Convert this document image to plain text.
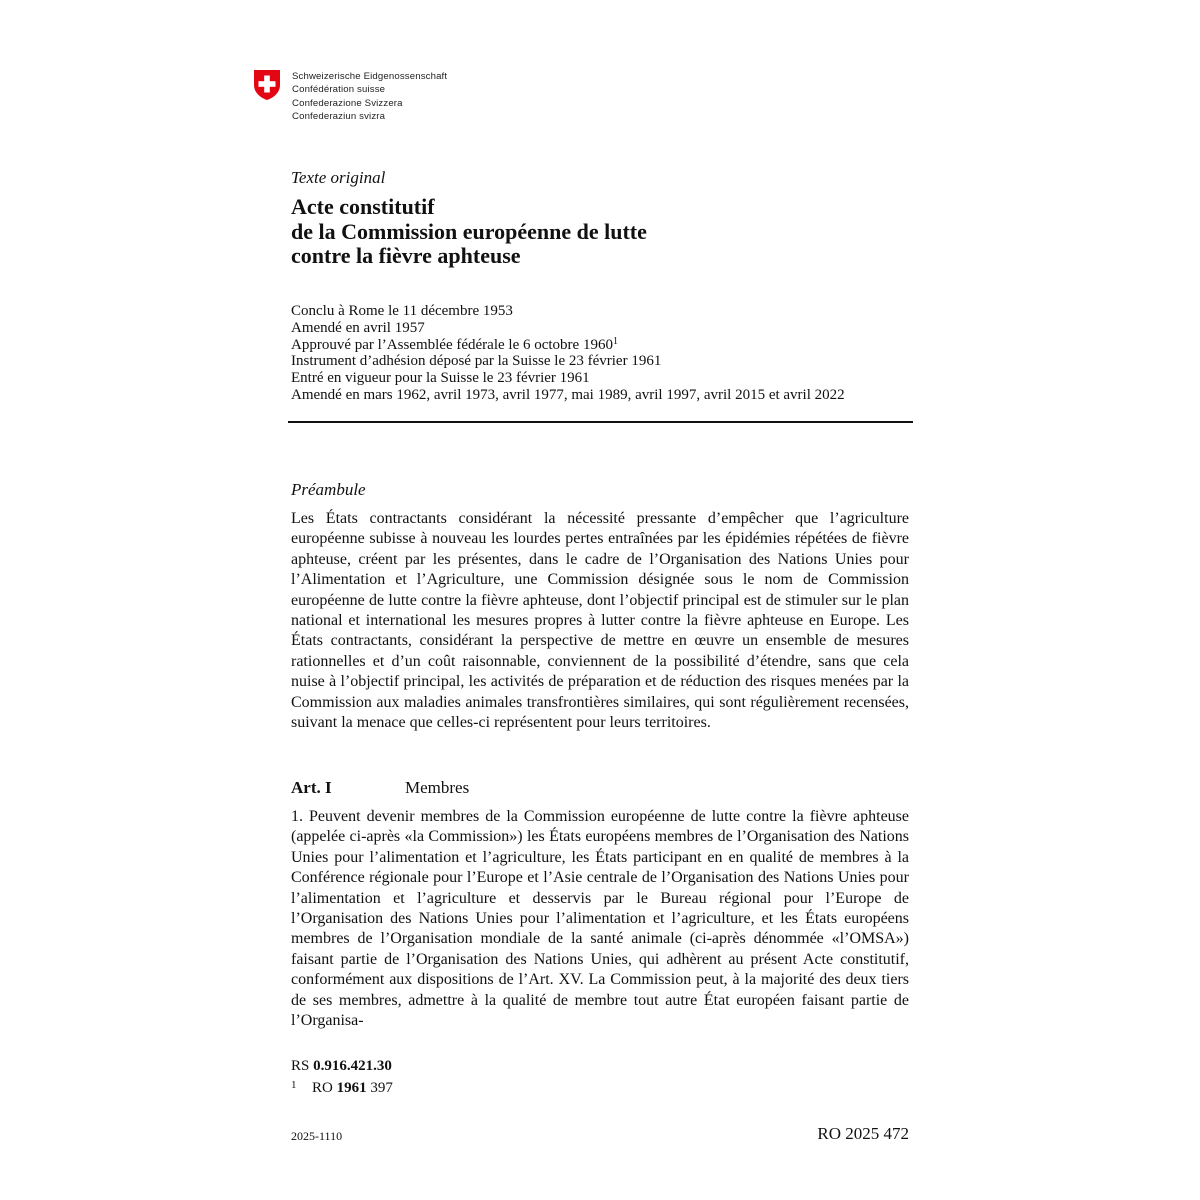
Schweizerische Eidgenossenschaft
Confédération suisse
Confederazione Svizzera
Confederaziun svizra
Texte original
Acte constitutif
de la Commission européenne de lutte
contre la fièvre aphteuse
Conclu à Rome le 11 décembre 1953
Amendé en avril 1957
Approuvé par l’Assemblée fédérale le 6 octobre 1960$^1$
Instrument d’adhésion déposé par la Suisse le 23 février 1961
Entré en vigueur pour la Suisse le 23 février 1961
Amendé en mars 1962, avril 1973, avril 1977, mai 1989, avril 1997, avril 2015 et avril 2022
Préambule
Les États contractants considérant la nécessité pressante d’empêcher que l’agriculture européenne subisse à nouveau les lourdes pertes entraînées par les épidémies répétées de fièvre aphteuse, créent par les présentes, dans le cadre de l’Organisation des Nations Unies pour l’Alimentation et l’Agriculture, une Commission désignée sous le nom de Commission européenne de lutte contre la fièvre aphteuse, dont l’objectif principal est de stimuler sur le plan national et international les mesures propres à lutter contre la fièvre aphteuse en Europe. Les États contractants, considérant la perspective de mettre en œuvre un ensemble de mesures rationnelles et d’un coût raisonnable, conviennent de la possibilité d’étendre, sans que cela nuise à l’objectif principal, les activités de préparation et de réduction des risques menées par la Commission aux maladies animales transfrontières similaires, qui sont régulièrement recensées, suivant la menace que celles-ci représentent pour leurs territoires.
Art. I	Membres
1. Peuvent devenir membres de la Commission européenne de lutte contre la fièvre aphteuse (appelée ci-après «la Commission») les États européens membres de l’Organisation des Nations Unies pour l’alimentation et l’agriculture, les États participant en en qualité de membres à la Conférence régionale pour l’Europe et l’Asie centrale de l’Organisation des Nations Unies pour l’alimentation et l’agriculture et desservis par le Bureau régional pour l’Europe de l’Organisation des Nations Unies pour l’alimentation et l’agriculture, et les États européens membres de l’Organisation mondiale de la santé animale (ci-après dénommée «l’OMSA») faisant partie de l’Organisation des Nations Unies, qui adhèrent au présent Acte constitutif, conformément aux dispositions de l’Art. XV. La Commission peut, à la majorité des deux tiers de ses membres, admettre à la qualité de membre tout autre État européen faisant partie de l’Organisa-
RS 0.916.421.30
1 RO 1961 397
2025-1110	RO 2025 472
